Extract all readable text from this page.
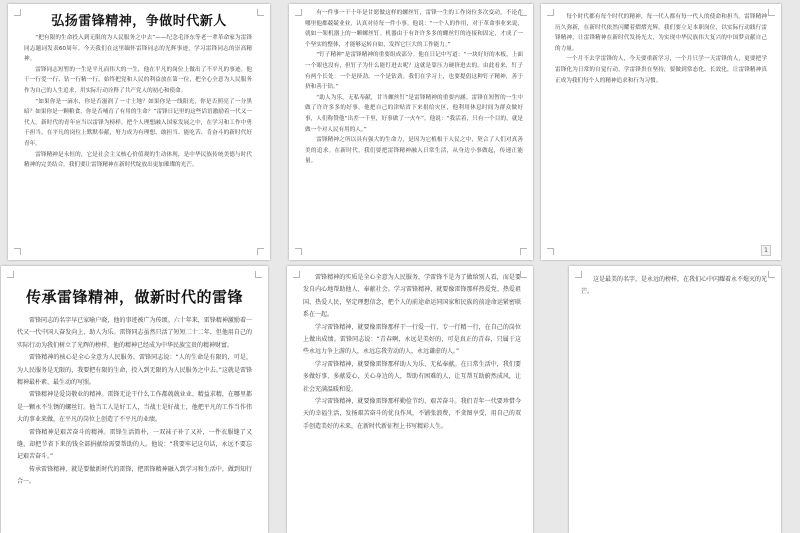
弘扬雷锋精神，争做时代新人

“把有限的生命投入到无限的为人民服务之中去”——纪念毛泽东等老一辈革命家为雷锋同志题词发表60周年。今天我们在这里缅怀雷锋同志的光辉事迹，学习雷锋同志的崇高精神。

雷锋同志短暂的一生是平凡而伟大的一生，他在平凡的岗位上做出了不平凡的事迹。他干一行爱一行、钻一行精一行，始终把党和人民的利益放在第一位，把全心全意为人民服务作为自己的人生追求，用实际行动诠释了共产党人的初心和使命。

“如果你是一滴水，你是否滋润了一寸土地？如果你是一线阳光，你是否照亮了一分黑暗？如果你是一颗粮食，你是否哺育了有用的生命？”雷锋日记里的这些话语激励着一代又一代人。新时代的青年应当以雷锋为榜样，把个人理想融入国家发展之中，在学习和工作中勇于担当，在平凡的岗位上默默奉献，努力成为有理想、敢担当、能吃苦、肯奋斗的新时代好青年。

雷锋精神是永恒的，它是社会主义核心价值观的生动体现，是中华民族传统美德与时代精神的完美结合。我们要让雷锋精神在新时代绽放出更加璀璨的光芒。

有一件事一干十年是甘愿做这样的螺丝钉，雷锋一生的工作岗位多次变动，不论在哪里他都兢兢业业，认真对待每一件小事。他说：“一个人的作用，对于革命事业来说，就如一架机器上的一颗螺丝钉。机器由于有许许多多的螺丝钉的连接和固定，才成了一个坚实的整体，才能够运转自如，发挥它巨大的工作能力。”

“钉子精神”是雷锋精神的重要组成部分。他在日记中写道：“一块好好的木板，上面一个眼也没有，但钉子为什么能钉进去呢？这就是靠压力硬挤进去的。由此看来，钉子有两个长处：一个是挤劲，一个是钻劲。我们在学习上，也要提倡这种钉子精神，善于挤和善于钻。”

“助人为乐，无私奉献，甘当螺丝钉”是雷锋精神的重要内涵。雷锋在短暂的一生中做了许许多多的好事，他把自己的津贴省下来捐给灾区，他利用休息时间为群众做好事，人们称赞他“出差一千里，好事做了一火车”。他说：“我活着，只有一个目的，就是做一个对人民有用的人。”

雷锋精神之所以具有强大的生命力，是因为它植根于人民之中，契合了人们对真善美的追求。在新时代，我们要把雷锋精神融入日常生活，从身边小事做起，传递正能量。

每个时代都有每个时代的精神，每一代人都有每一代人的使命和担当。雷锋精神历久弥新，在新时代依然闪耀着熠熠光辉。我们要立足本职岗位，以实际行动践行雷锋精神，让雷锋精神在新时代发扬光大，为实现中华民族伟大复兴的中国梦贡献自己的力量。

一个月不去学雷锋的人，今天要重新学习，一个月只学一天雷锋的人，更要把学雷锋化为日常的自觉行动，学雷锋贵在坚持，要做到常态化、长效化，让雷锋精神真正成为我们每个人的精神追求和行为习惯。

1
传承雷锋精神，做新时代的雷锋

雷锋同志的名字早已家喻户晓，他的事迹被广为传颂。六十年来，雷锋精神激励着一代又一代中国人奋发向上、助人为乐。雷锋同志虽然只活了短短二十二年，但他用自己的实际行动为我们树立了光辉的榜样，他的精神已经成为中华民族宝贵的精神财富。

雷锋精神的核心是全心全意为人民服务。雷锋同志说：“人的生命是有限的，可是，为人民服务是无限的，我要把有限的生命，投入到无限的为人民服务之中去。”这就是雷锋精神最朴素、最生动的写照。

雷锋精神是爱岗敬业的精神。雷锋无论干什么工作都兢兢业业、精益求精，在哪里都是一颗永不生锈的螺丝钉。他当工人是好工人，当战士是好战士，他把平凡的工作当作伟大的事业来做，在平凡的岗位上创造了不平凡的业绩。

雷锋精神是艰苦奋斗的精神。雷锋生活简朴，一双袜子补了又补，一件衣服缝了又缝，却把节省下来的钱全部捐献给需要帮助的人。他说：“我要牢记这句话，永远不要忘记艰苦奋斗。”

传承雷锋精神，就是要做新时代的雷锋，把雷锋精神融入到学习和生活中，做到知行合一。

雷锋精神的实质是全心全意为人民服务，学雷锋不是为了做给别人看，而是要发自内心地帮助他人、奉献社会。学习雷锋精神，就要像雷锋那样热爱党、热爱祖国、热爱人民，坚定理想信念，把个人的前途命运同国家和民族的前途命运紧密联系在一起。

学习雷锋精神，就要像雷锋那样干一行爱一行、专一行精一行，在自己的岗位上做出成绩。雷锋同志说：“青春啊，永远是美好的，可是真正的青春，只属于这些永远力争上游的人，永远忘我劳动的人，永远谦虚的人。”

学习雷锋精神，就要像雷锋那样助人为乐、无私奉献。在日常生活中，我们要多做好事、多献爱心，关心身边的人，帮助有困难的人，让互帮互助蔚然成风，让社会充满温暖和爱。

学习雷锋精神，就要像雷锋那样勤俭节约、艰苦奋斗。我们青年一代要珍惜今天的幸福生活，发扬艰苦奋斗的优良作风，不铺张浪费，不贪图享受，用自己的双手创造美好的未来，在新时代新征程上书写精彩人生。

这是最美的名字，是永远的榜样，在我们心中闪耀着永不熄灭的光芒。
